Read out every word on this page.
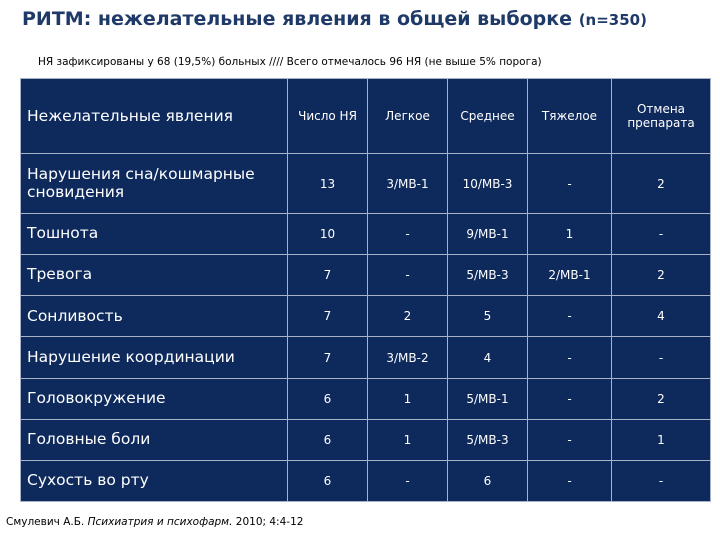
РИТМ: нежелательные явления в общей выборке (n=350)
НЯ зафиксированы у 68 (19,5%) больных //// Всего отмечалось 96 НЯ (не выше 5% порога)
Нежелательные явления	Число НЯ	Легкое	Среднее	Тяжелое	Отмена препарата
Нарушения сна/кошмарные сновидения	13	3/MB-1	10/MB-3	-	2
Тошнота	10	-	9/MB-1	1	-
Тревога	7	-	5/MB-3	2/MB-1	2
Сонливость	7	2	5	-	4
Нарушение координации	7	3/MB-2	4	-	-
Головокружение	6	1	5/MB-1	-	2
Головные боли	6	1	5/MB-3	-	1
Сухость во рту	6	-	6	-	-
Смулевич А.Б. Психиатрия и психофарм. 2010; 4:4-12
